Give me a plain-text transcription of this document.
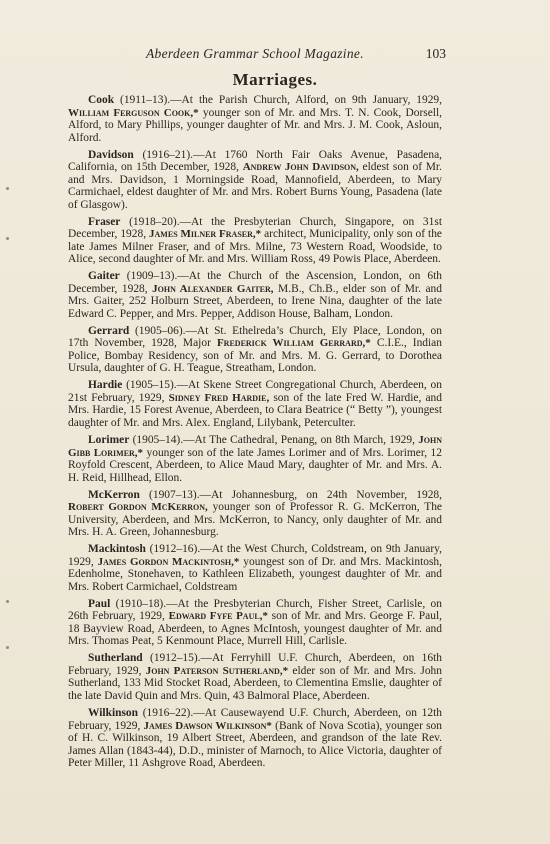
Aberdeen Grammar School Magazine.	103
Marriages.

Cook (1911–13).—At the Parish Church, Alford, on 9th January, 1929, William Ferguson Cook,* younger son of Mr. and Mrs. T. N. Cook, Dorsell, Alford, to Mary Phillips, younger daughter of Mr. and Mrs. J. M. Cook, Asloun, Alford.

Davidson (1916–21).—At 1760 North Fair Oaks Avenue, Pasadena, California, on 15th December, 1928, Andrew John Davidson, eldest son of Mr. and Mrs. Davidson, 1 Morningside Road, Mannofield, Aberdeen, to Mary Carmichael, eldest daughter of Mr. and Mrs. Robert Burns Young, Pasadena (late of Glasgow).

Fraser (1918–20).—At the Presbyterian Church, Singapore, on 31st December, 1928, James Milner Fraser,* architect, Municipality, only son of the late James Milner Fraser, and of Mrs. Milne, 73 Western Road, Woodside, to Alice, second daughter of Mr. and Mrs. William Ross, 49 Powis Place, Aberdeen.

Gaiter (1909–13).—At the Church of the Ascension, London, on 6th December, 1928, John Alexander Gaiter, M.B., Ch.B., elder son of Mr. and Mrs. Gaiter, 252 Holburn Street, Aberdeen, to Irene Nina, daughter of the late Edward C. Pepper, and Mrs. Pepper, Addison House, Balham, London.

Gerrard (1905–06).—At St. Ethelreda’s Church, Ely Place, London, on 17th November, 1928, Major Frederick William Gerrard,* C.I.E., Indian Police, Bombay Residency, son of Mr. and Mrs. M. G. Gerrard, to Dorothea Ursula, daughter of G. H. Teague, Streatham, London.

Hardie (1905–15).—At Skene Street Congregational Church, Aberdeen, on 21st February, 1929, Sidney Fred Hardie, son of the late Fred W. Hardie, and Mrs. Hardie, 15 Forest Avenue, Aberdeen, to Clara Beatrice (“ Betty ”), youngest daughter of Mr. and Mrs. Alex. England, Lilybank, Peterculter.

Lorimer (1905–14).—At The Cathedral, Penang, on 8th March, 1929, John Gibb Lorimer,* younger son of the late James Lorimer and of Mrs. Lorimer, 12 Royfold Crescent, Aberdeen, to Alice Maud Mary, daughter of Mr. and Mrs. A. H. Reid, Hillhead, Ellon.

McKerron (1907–13).—At Johannesburg, on 24th November, 1928, Robert Gordon McKerron, younger son of Professor R. G. McKerron, The University, Aberdeen, and Mrs. McKerron, to Nancy, only daughter of Mr. and Mrs. H. A. Green, Johannesburg.

Mackintosh (1912–16).—At the West Church, Coldstream, on 9th January, 1929, James Gordon Mackintosh,* youngest son of Dr. and Mrs. Mackintosh, Edenholme, Stonehaven, to Kathleen Elizabeth, youngest daughter of Mr. and Mrs. Robert Carmichael, Coldstream

Paul (1910–18).—At the Presbyterian Church, Fisher Street, Carlisle, on 26th February, 1929, Edward Fyfe Paul,* son of Mr. and Mrs. George F. Paul, 18 Bayview Road, Aberdeen, to Agnes McIntosh, youngest daughter of Mr. and Mrs. Thomas Peat, 5 Kenmount Place, Murrell Hill, Carlisle.

Sutherland (1912–15).—At Ferryhill U.F. Church, Aberdeen, on 16th February, 1929, John Paterson Sutherland,* elder son of Mr. and Mrs. John Sutherland, 133 Mid Stocket Road, Aberdeen, to Clementina Emslie, daughter of the late David Quin and Mrs. Quin, 43 Balmoral Place, Aberdeen.

Wilkinson (1916–22).—At Causewayend U.F. Church, Aberdeen, on 12th February, 1929, James Dawson Wilkinson* (Bank of Nova Scotia), younger son of H. C. Wilkinson, 19 Albert Street, Aberdeen, and grandson of the late Rev. James Allan (1843-44), D.D., minister of Marnoch, to Alice Victoria, daughter of Peter Miller, 11 Ashgrove Road, Aberdeen.
